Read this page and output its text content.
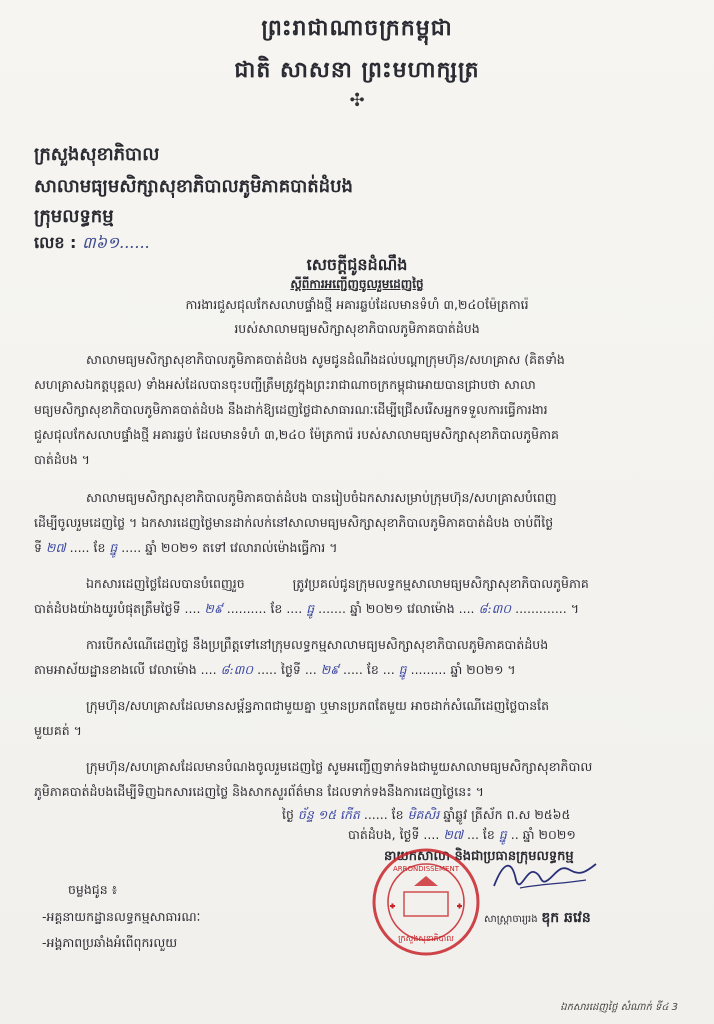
ព្រះរាជាណាចក្រកម្ពុជា
ជាតិ សាសនា ព្រះមហាក្សត្រ
✣
ក្រសួងសុខាភិបាល
សាលាមធ្យមសិក្សាសុខាភិបាលភូមិភាគបាត់ដំបង
ក្រុមលទ្ធកម្ម
លេខ : ៣៦១......
សេចក្ដីជូនដំណឹង
ស្ដីពីការអញ្ជើញចូលរួមដេញថ្លៃ
ការងារជួសជុលកែសលាបផ្ទាំងថ្មី អគារឆ្លប់ដែលមានទំហំ ៣,២៤០ម៉ែត្រការ៉េ
របស់សាលាមធ្យមសិក្សាសុខាភិបាលភូមិភាគបាត់ដំបង
សាលាមធ្យមសិក្សាសុខាភិបាលភូមិភាគបាត់ដំបង សូមជូនដំណឹងដល់បណ្ដាក្រុមហ៊ុន/សហគ្រាស (គិតទាំង
សហគ្រាសឯកត្តបុគ្គល) ទាំងអស់ដែលបានចុះបញ្ជីត្រឹមត្រូវក្នុងព្រះរាជាណាចក្រកម្ពុជាអោយបានជ្រាបថា សាលា
មធ្យមសិក្សាសុខាភិបាលភូមិភាគបាត់ដំបង នឹងដាក់ឱ្យដេញថ្លៃជាសាធារណៈដើម្បីជ្រើសរើសអ្នកទទួលការធ្វើការងារ
ជួសជុលកែសលាបផ្ទាំងថ្មី អគារឆ្លប់ ដែលមានទំហំ ៣,២៤០ ម៉ែត្រការ៉េ របស់សាលាមធ្យមសិក្សាសុខាភិបាលភូមិភាគ
បាត់ដំបង ។
សាលាមធ្យមសិក្សាសុខាភិបាលភូមិភាគបាត់ដំបង បានរៀបចំឯកសារសម្រាប់ក្រុមហ៊ុន/សហគ្រាសបំពេញ
ដើម្បីចូលរួមដេញថ្លៃ ។ ឯកសារដេញថ្លៃមានដាក់លក់នៅសាលាមធ្យមសិក្សាសុខាភិបាលភូមិភាគបាត់ដំបង ចាប់ពីថ្ងៃ
ទី ២៧ ..... ខែ ធ្នូ ..... ឆ្នាំ ២០២១ តទៅ វេលារាល់ម៉ោងធ្វើការ ។
ឯកសារដេញថ្លៃដែលបានបំពេញរួច	ត្រូវប្រគល់ជូនក្រុមលទ្ធកម្មសាលាមធ្យមសិក្សាសុខាភិបាលភូមិភាគ
បាត់ដំបងយ៉ាងយូរបំផុតត្រឹមថ្ងៃទី .... ២៩ .......... ខែ .... ធ្នូ ....... ឆ្នាំ ២០២១ វេលាម៉ោង .... ៨:៣០ ............. ។
ការបើកសំណើដេញថ្លៃ នឹងប្រព្រឹត្តទៅនៅក្រុមលទ្ធកម្មសាលាមធ្យមសិក្សាសុខាភិបាលភូមិភាគបាត់ដំបង
តាមអាស័យដ្ឋានខាងលើ វេលាម៉ោង .... ៨:៣០ ..... ថ្ងៃទី ... ២៩ ..... ខែ ... ធ្នូ ......... ឆ្នាំ ២០២១ ។
ក្រុមហ៊ុន/សហគ្រាសដែលមានសម្ព័ន្ធភាពជាមួយគ្នា ឬមានប្រភពតែមួយ អាចដាក់សំណើដេញថ្លៃបានតែ
មួយគត់ ។
ក្រុមហ៊ុន/សហគ្រាសដែលមានបំណងចូលរួមដេញថ្លៃ សូមអញ្ជើញទាក់ទងជាមួយសាលាមធ្យមសិក្សាសុខាភិបាល
ភូមិភាគបាត់ដំបងដើម្បីទិញឯកសារដេញថ្លៃ និងសាកសួរព័ត៌មាន ដែលទាក់ទងនឹងការដេញថ្លៃនេះ ។
ថ្ងៃ ច័ន្ទ ១៥ កើត ...... ខែ មិគសិរ ឆ្នាំឆ្លូវ ត្រីស័ក ព.ស ២៥៦៥
បាត់ដំបង, ថ្ងៃទី .... ២៧ ... ខែ ធ្នូ .. ឆ្នាំ ២០២១
នាយកសាលា និងជាប្រធានក្រុមលទ្ធកម្ម
ARRONDISSEMENT
ក្រសួងសុខាភិបាល
សាស្ត្រាចារ្យរង ឌុក ឆវេន
ចម្លងជូន ៖
-អគ្គនាយកដ្ឋានលទ្ធកម្មសាធារណៈ
-អង្គភាពប្រឆាំងអំពើពុករលួយ
ឯកសារដេញថ្លៃ សំណាក់ ទី៤ 3
